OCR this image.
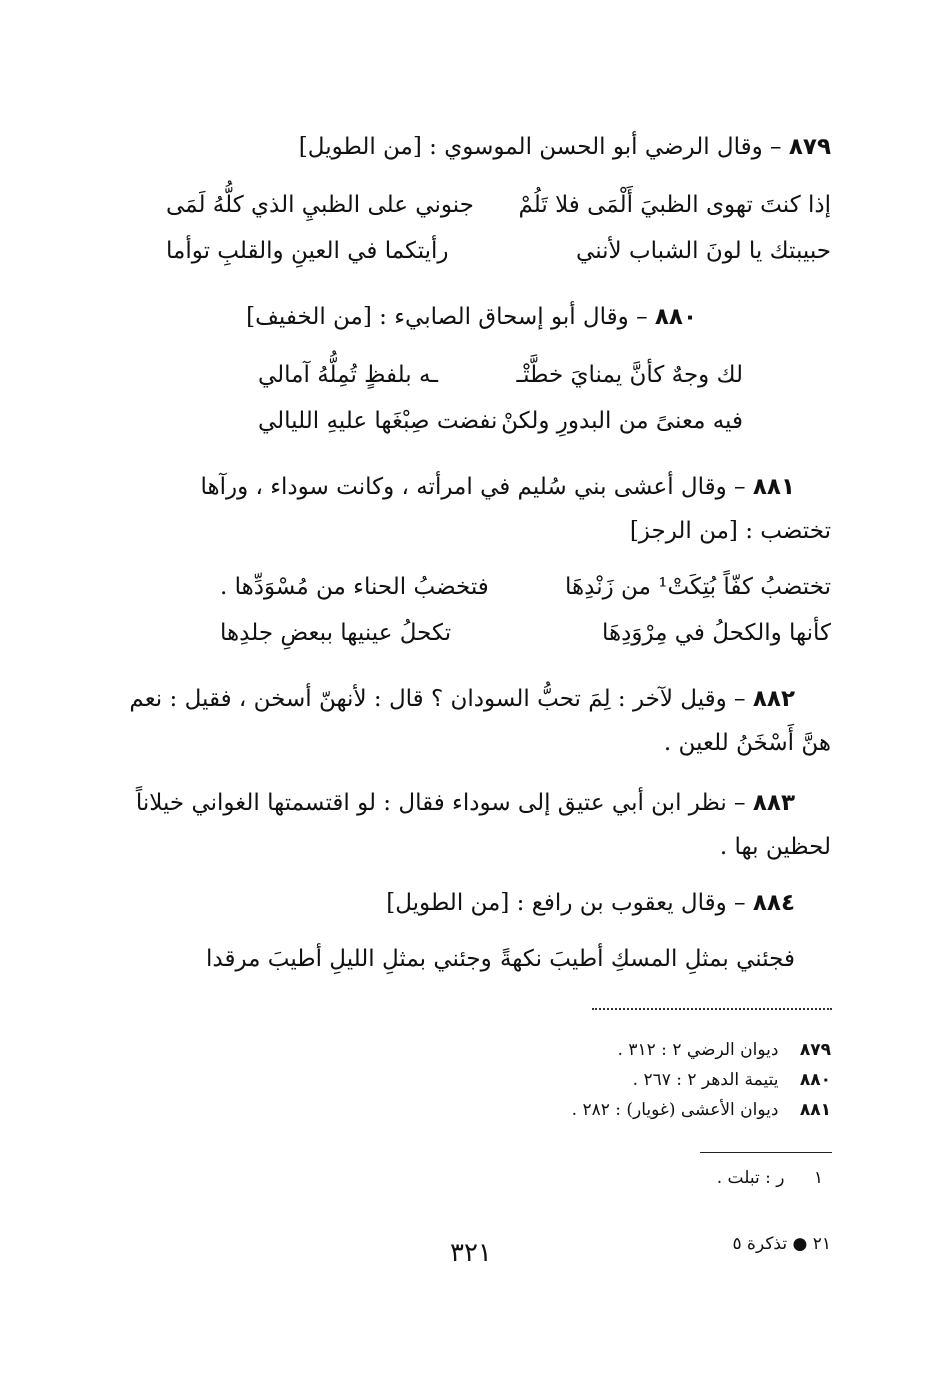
٨٧٩ – وقال الرضي أبو الحسن الموسوي : [من الطويل]
إذا كنتَ تهوى الظبيَ أَلْمَى فلا تَلُمْ
جنوني على الظبيِ الذي كلُّهُ لَمَى
حبيبتك يا لونَ الشباب لأنني
رأيتكما في العينِ والقلبِ توأما
٨٨٠ – وقال أبو إسحاق الصابيء : [من الخفيف]
لك وجهٌ كأنَّ يمنايَ خطَّتْـ
ـه بلفظٍ تُمِلُّهُ آمالي
فيه معنىً من البدورِ ولكنْ
نفضت صِبْغَها عليهِ الليالي
٨٨١ – وقال أعشى بني سُليم في امرأته ، وكانت سوداء ، ورآها
تختضب : [من الرجز]
تختضبُ كفّاً بُتِكَتْ¹ من زَنْدِهَا
فتخضبُ الحناء من مُسْوَدِّها .
كأنها والكحلُ في مِرْوَدِهَا
تكحلُ عينيها ببعضِ جلدِها
٨٨٢ – وقيل لآخر : لِمَ تحبُّ السودان ؟ قال : لأنهنّ أسخن ، فقيل : نعم
هنَّ أَسْخَنُ للعين .
٨٨٣ – نظر ابن أبي عتيق إلى سوداء فقال : لو اقتسمتها الغواني خيلاناً
لحظين بها .
٨٨٤ – وقال يعقوب بن رافع : [من الطويل]
فجئني بمثلِ المسكِ أطيبَ نكهةً
وجئني بمثلِ الليلِ أطيبَ مرقدا
٨٧٩ ديوان الرضي ٢ : ٣١٢ .
٨٨٠ يتيمة الدهر ٢ : ٢٦٧ .
٨٨١ ديوان الأعشى (غويار) : ٢٨٢ .
١ ر : تبلت .
٢١ ● تذكرة ٥
٣٢١
